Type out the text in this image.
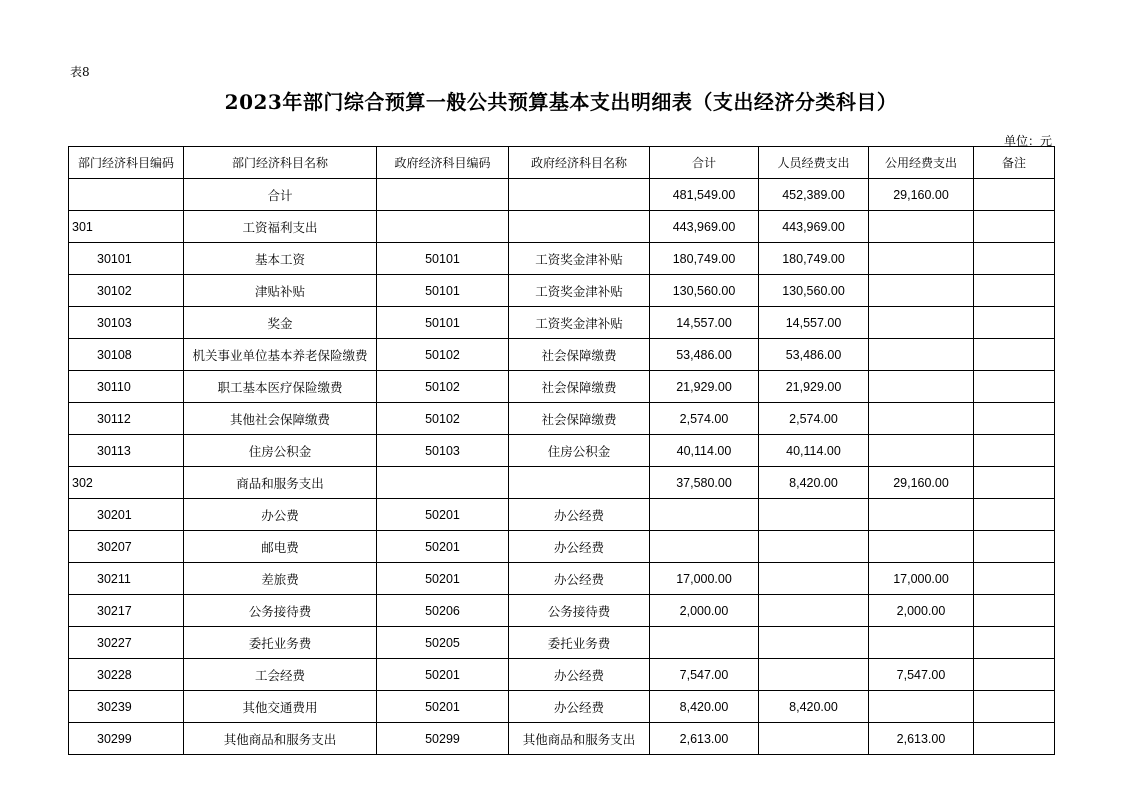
表8
2023年部门综合预算一般公共预算基本支出明细表（支出经济分类科目）
单位：元
部门经济科目编码	部门经济科目名称	政府经济科目编码	政府经济科目名称	合计	人员经费支出	公用经费支出	备注
	合计			481,549.00	452,389.00	29,160.00	
301	工资福利支出			443,969.00	443,969.00		
30101	基本工资	50101	工资奖金津补贴	180,749.00	180,749.00		
30102	津贴补贴	50101	工资奖金津补贴	130,560.00	130,560.00		
30103	奖金	50101	工资奖金津补贴	14,557.00	14,557.00		
30108	机关事业单位基本养老保险缴费	50102	社会保障缴费	53,486.00	53,486.00		
30110	职工基本医疗保险缴费	50102	社会保障缴费	21,929.00	21,929.00		
30112	其他社会保障缴费	50102	社会保障缴费	2,574.00	2,574.00		
30113	住房公积金	50103	住房公积金	40,114.00	40,114.00		
302	商品和服务支出			37,580.00	8,420.00	29,160.00	
30201	办公费	50201	办公经费				
30207	邮电费	50201	办公经费				
30211	差旅费	50201	办公经费	17,000.00		17,000.00	
30217	公务接待费	50206	公务接待费	2,000.00		2,000.00	
30227	委托业务费	50205	委托业务费				
30228	工会经费	50201	办公经费	7,547.00		7,547.00	
30239	其他交通费用	50201	办公经费	8,420.00	8,420.00		
30299	其他商品和服务支出	50299	其他商品和服务支出	2,613.00		2,613.00	
